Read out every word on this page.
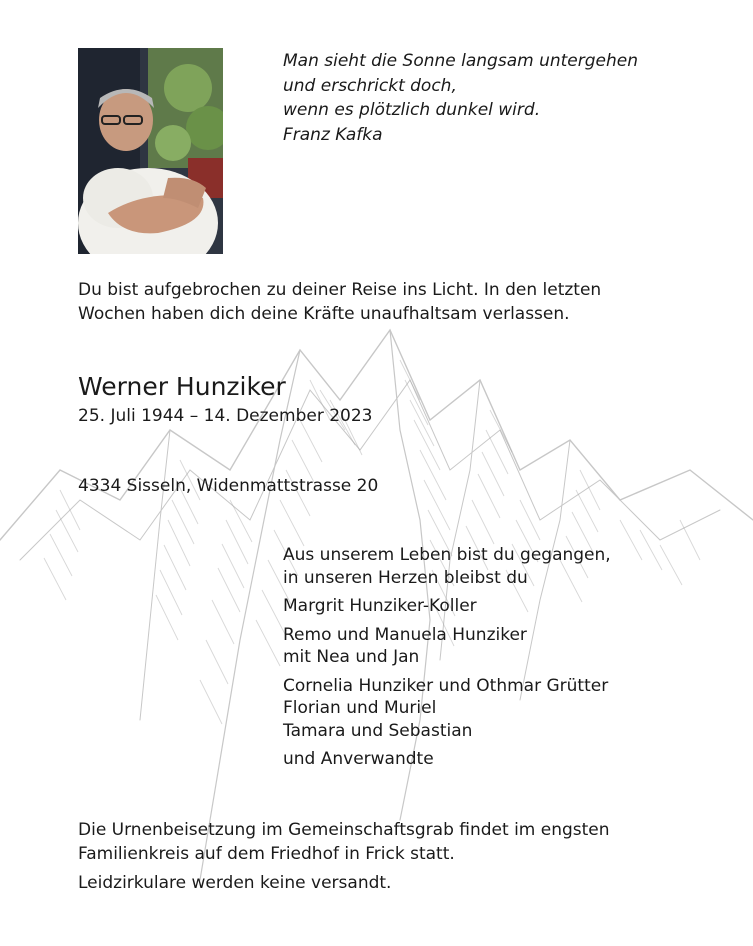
Man sieht die Sonne langsam untergehen
und erschrickt doch,
wenn es plötzlich dunkel wird.
Franz Kafka
Du bist aufgebrochen zu deiner Reise ins Licht. In den letzten
Wochen haben dich deine Kräfte unaufhaltsam verlassen.
Werner Hunziker
25. Juli 1944 – 14. Dezember 2023
4334 Sisseln, Widenmattstrasse 20
Aus unserem Leben bist du gegangen,
in unseren Herzen bleibst du
Margrit Hunziker-Koller
Remo und Manuela Hunziker
mit Nea und Jan
Cornelia Hunziker und Othmar Grütter
Florian und Muriel
Tamara und Sebastian
und Anverwandte
Die Urnenbeisetzung im Gemeinschaftsgrab findet im engsten
Familienkreis auf dem Friedhof in Frick statt.
Leidzirkulare werden keine versandt.
